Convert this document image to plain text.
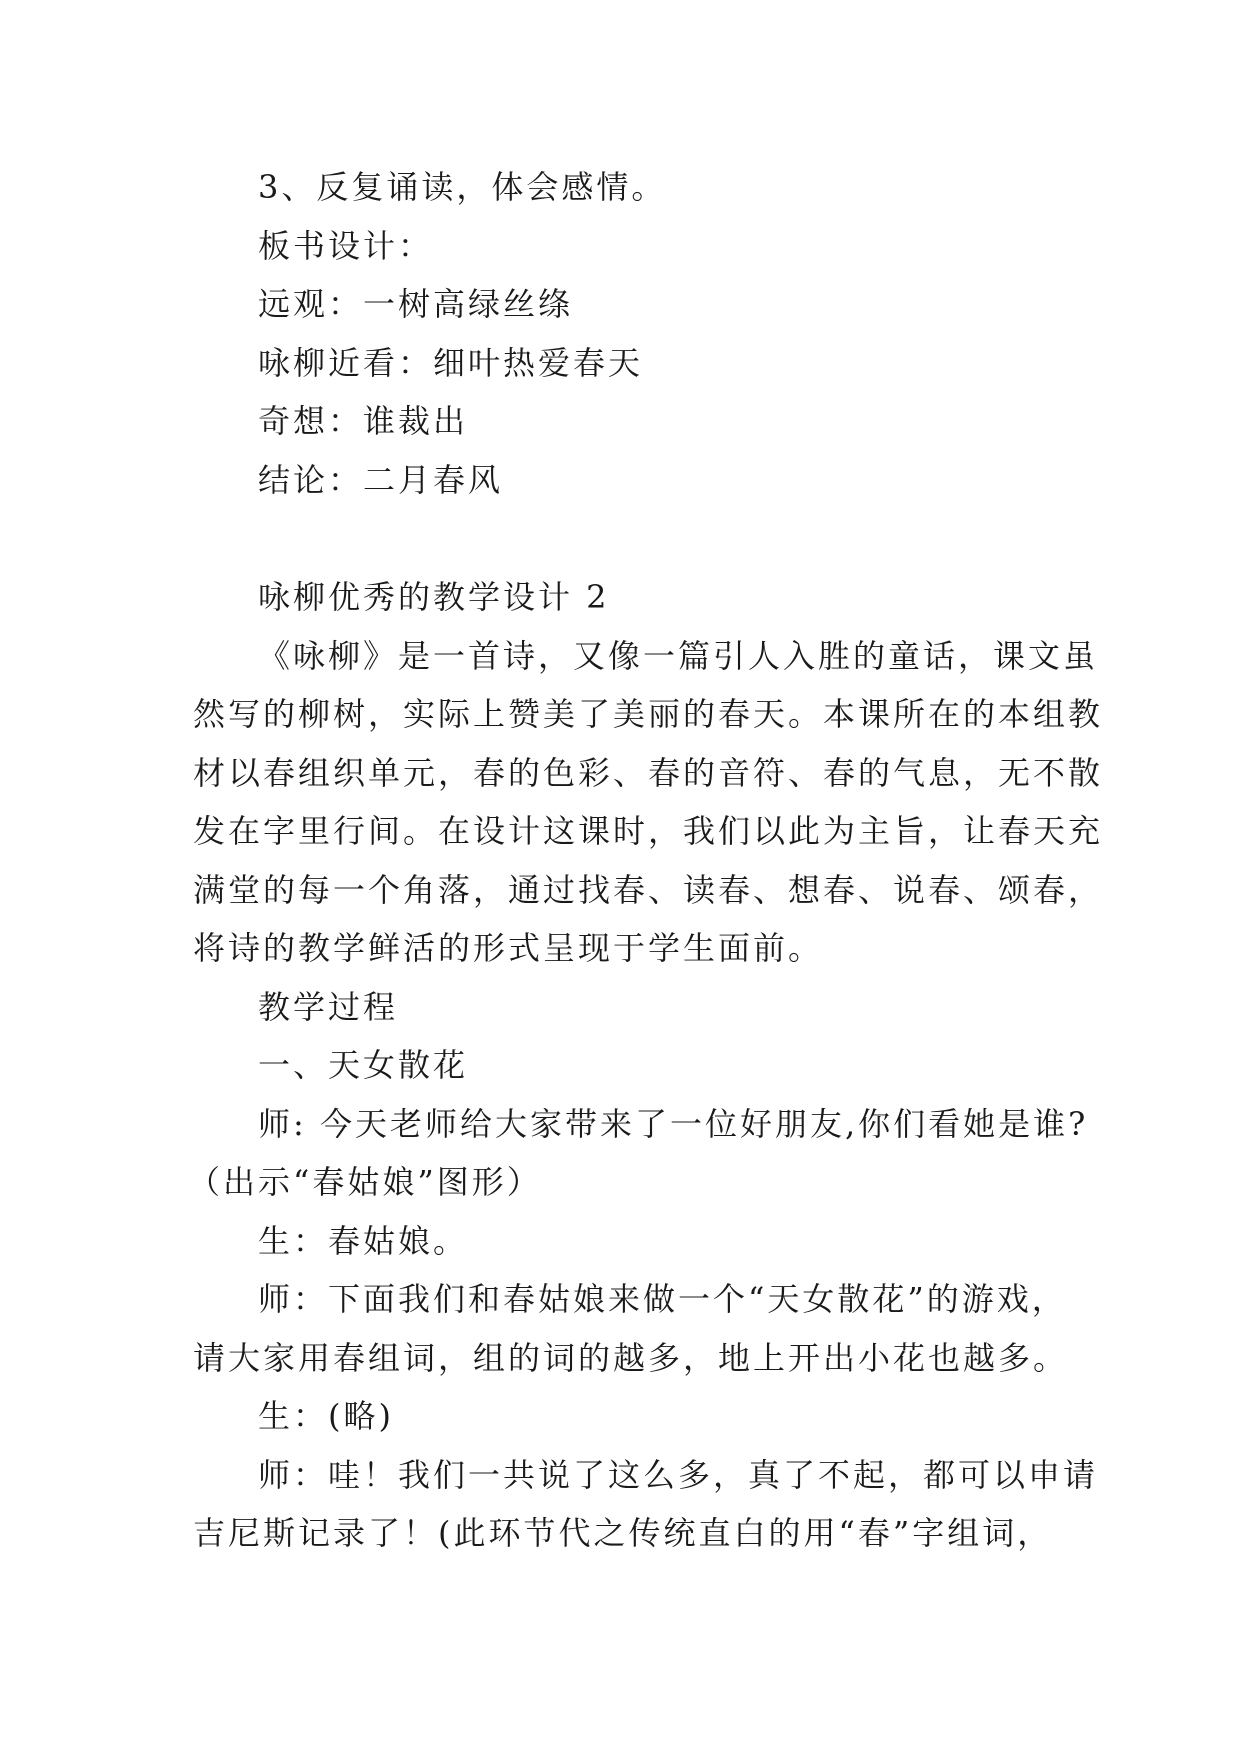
3、反复诵读，体会感情。
板书设计：
远观：一树高绿丝绦
咏柳近看：细叶热爱春天
奇想：谁裁出
结论：二月春风
咏柳优秀的教学设计 2
《咏柳》是一首诗，又像一篇引人入胜的童话，课文虽
然写的柳树，实际上赞美了美丽的春天。本课所在的本组教
材以春组织单元，春的色彩、春的音符、春的气息，无不散
发在字里行间。在设计这课时，我们以此为主旨，让春天充
满堂的每一个角落，通过找春、读春、想春、说春、颂春，
将诗的教学鲜活的形式呈现于学生面前。
教学过程
一、天女散花
师: 今天老师给大家带来了一位好朋友,你们看她是谁?
（出示“春姑娘”图形）
生：春姑娘。
师：下面我们和春姑娘来做一个“天女散花”的游戏，
请大家用春组词，组的词的越多，地上开出小花也越多。
生：(略)
师：哇！我们一共说了这么多，真了不起，都可以申请
吉尼斯记录了！(此环节代之传统直白的用“春”字组词，
